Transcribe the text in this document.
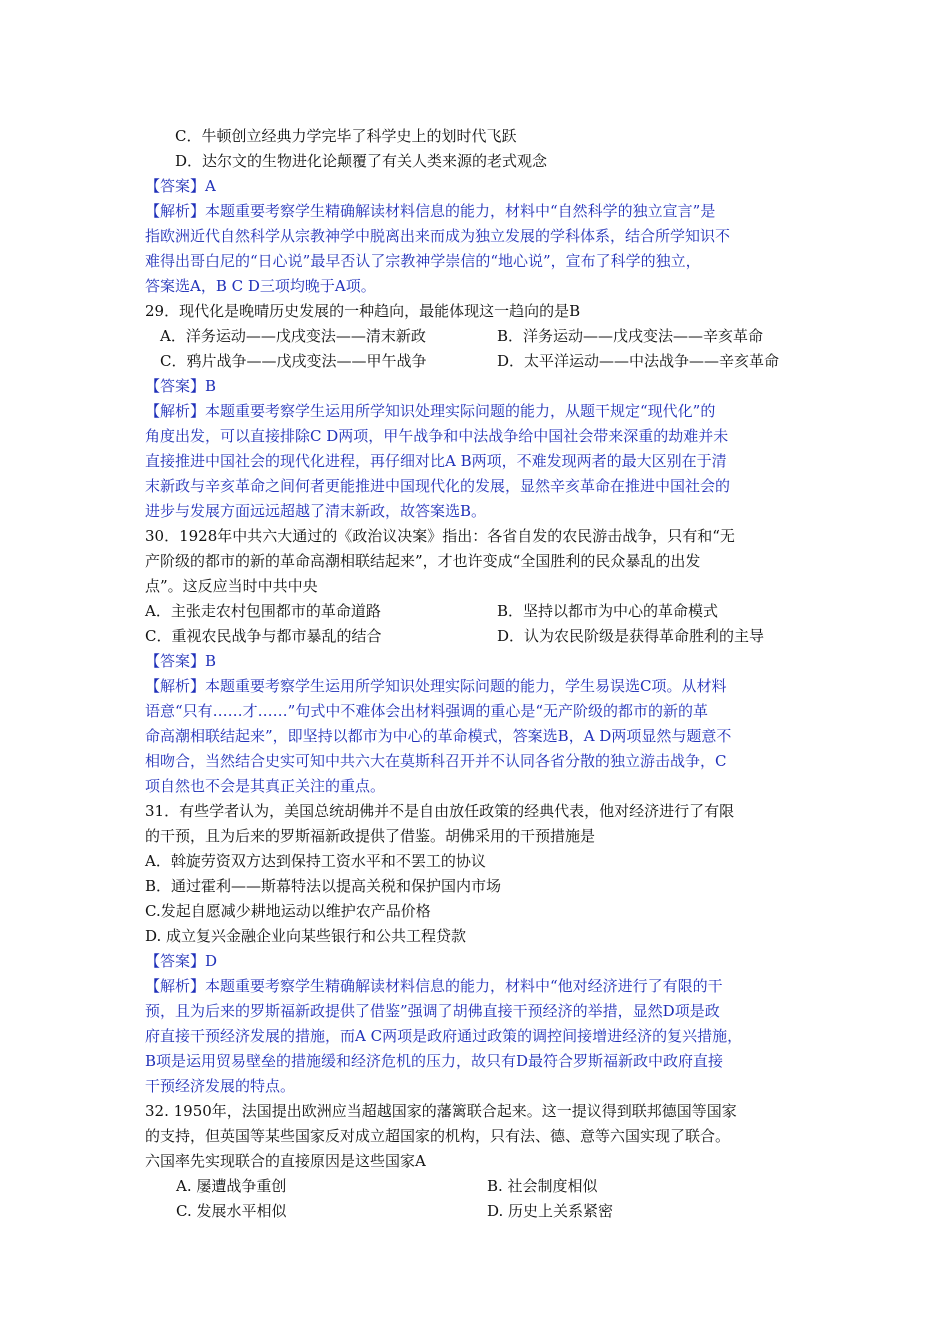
C．牛顿创立经典力学完毕了科学史上的划时代飞跃
D．达尔文的生物进化论颠覆了有关人类来源的老式观念
【答案】A
【解析】本题重要考察学生精确解读材料信息的能力，材料中“自然科学的独立宣言”是
指欧洲近代自然科学从宗教神学中脱离出来而成为独立发展的学科体系，结合所学知识不
难得出哥白尼的“日心说”最早否认了宗教神学崇信的“地心说”，宣布了科学的独立，
答案选A，B C D三项均晚于A项。
29．现代化是晚晴历史发展的一种趋向，最能体现这一趋向的是B
A．洋务运动——戊戌变法——清末新政	B．洋务运动——戊戌变法——辛亥革命
C．鸦片战争——戊戌变法——甲午战争	D．太平洋运动——中法战争——辛亥革命
【答案】B
【解析】本题重要考察学生运用所学知识处理实际问题的能力，从题干规定“现代化”的
角度出发，可以直接排除C D两项，甲午战争和中法战争给中国社会带来深重的劫难并未
直接推进中国社会的现代化进程，再仔细对比A B两项，不难发现两者的最大区别在于清
末新政与辛亥革命之间何者更能推进中国现代化的发展，显然辛亥革命在推进中国社会的
进步与发展方面远远超越了清末新政，故答案选B。
30．1928年中共六大通过的《政治议决案》指出：各省自发的农民游击战争，只有和“无
产阶级的都市的新的革命高潮相联结起来”，才也许变成“全国胜利的民众暴乱的出发
点”。这反应当时中共中央
A．主张走农村包围都市的革命道路	B．坚持以都市为中心的革命模式
C．重视农民战争与都市暴乱的结合	D．认为农民阶级是获得革命胜利的主导
【答案】B
【解析】本题重要考察学生运用所学知识处理实际问题的能力，学生易误选C项。从材料
语意“只有……才……”句式中不难体会出材料强调的重心是“无产阶级的都市的新的革
命高潮相联结起来”，即坚持以都市为中心的革命模式，答案选B，A D两项显然与题意不
相吻合，当然结合史实可知中共六大在莫斯科召开并不认同各省分散的独立游击战争，C
项自然也不会是其真正关注的重点。
31．有些学者认为，美国总统胡佛并不是自由放任政策的经典代表，他对经济进行了有限
的干预，且为后来的罗斯福新政提供了借鉴。胡佛采用的干预措施是
A．斡旋劳资双方达到保持工资水平和不罢工的协议
B．通过霍利——斯幕特法以提高关税和保护国内市场
C.发起自愿减少耕地运动以维护农产品价格
D. 成立复兴金融企业向某些银行和公共工程贷款
【答案】D
【解析】本题重要考察学生精确解读材料信息的能力，材料中“他对经济进行了有限的干
预，且为后来的罗斯福新政提供了借鉴”强调了胡佛直接干预经济的举措，显然D项是政
府直接干预经济发展的措施，而A C两项是政府通过政策的调控间接增进经济的复兴措施，
B项是运用贸易壁垒的措施缓和经济危机的压力，故只有D最符合罗斯福新政中政府直接
干预经济发展的特点。
32. 1950年，法国提出欧洲应当超越国家的藩篱联合起来。这一提议得到联邦德国等国家
的支持，但英国等某些国家反对成立超国家的机构，只有法、德、意等六国实现了联合。
六国率先实现联合的直接原因是这些国家A
A. 屡遭战争重创	B. 社会制度相似
C. 发展水平相似	D. 历史上关系紧密
